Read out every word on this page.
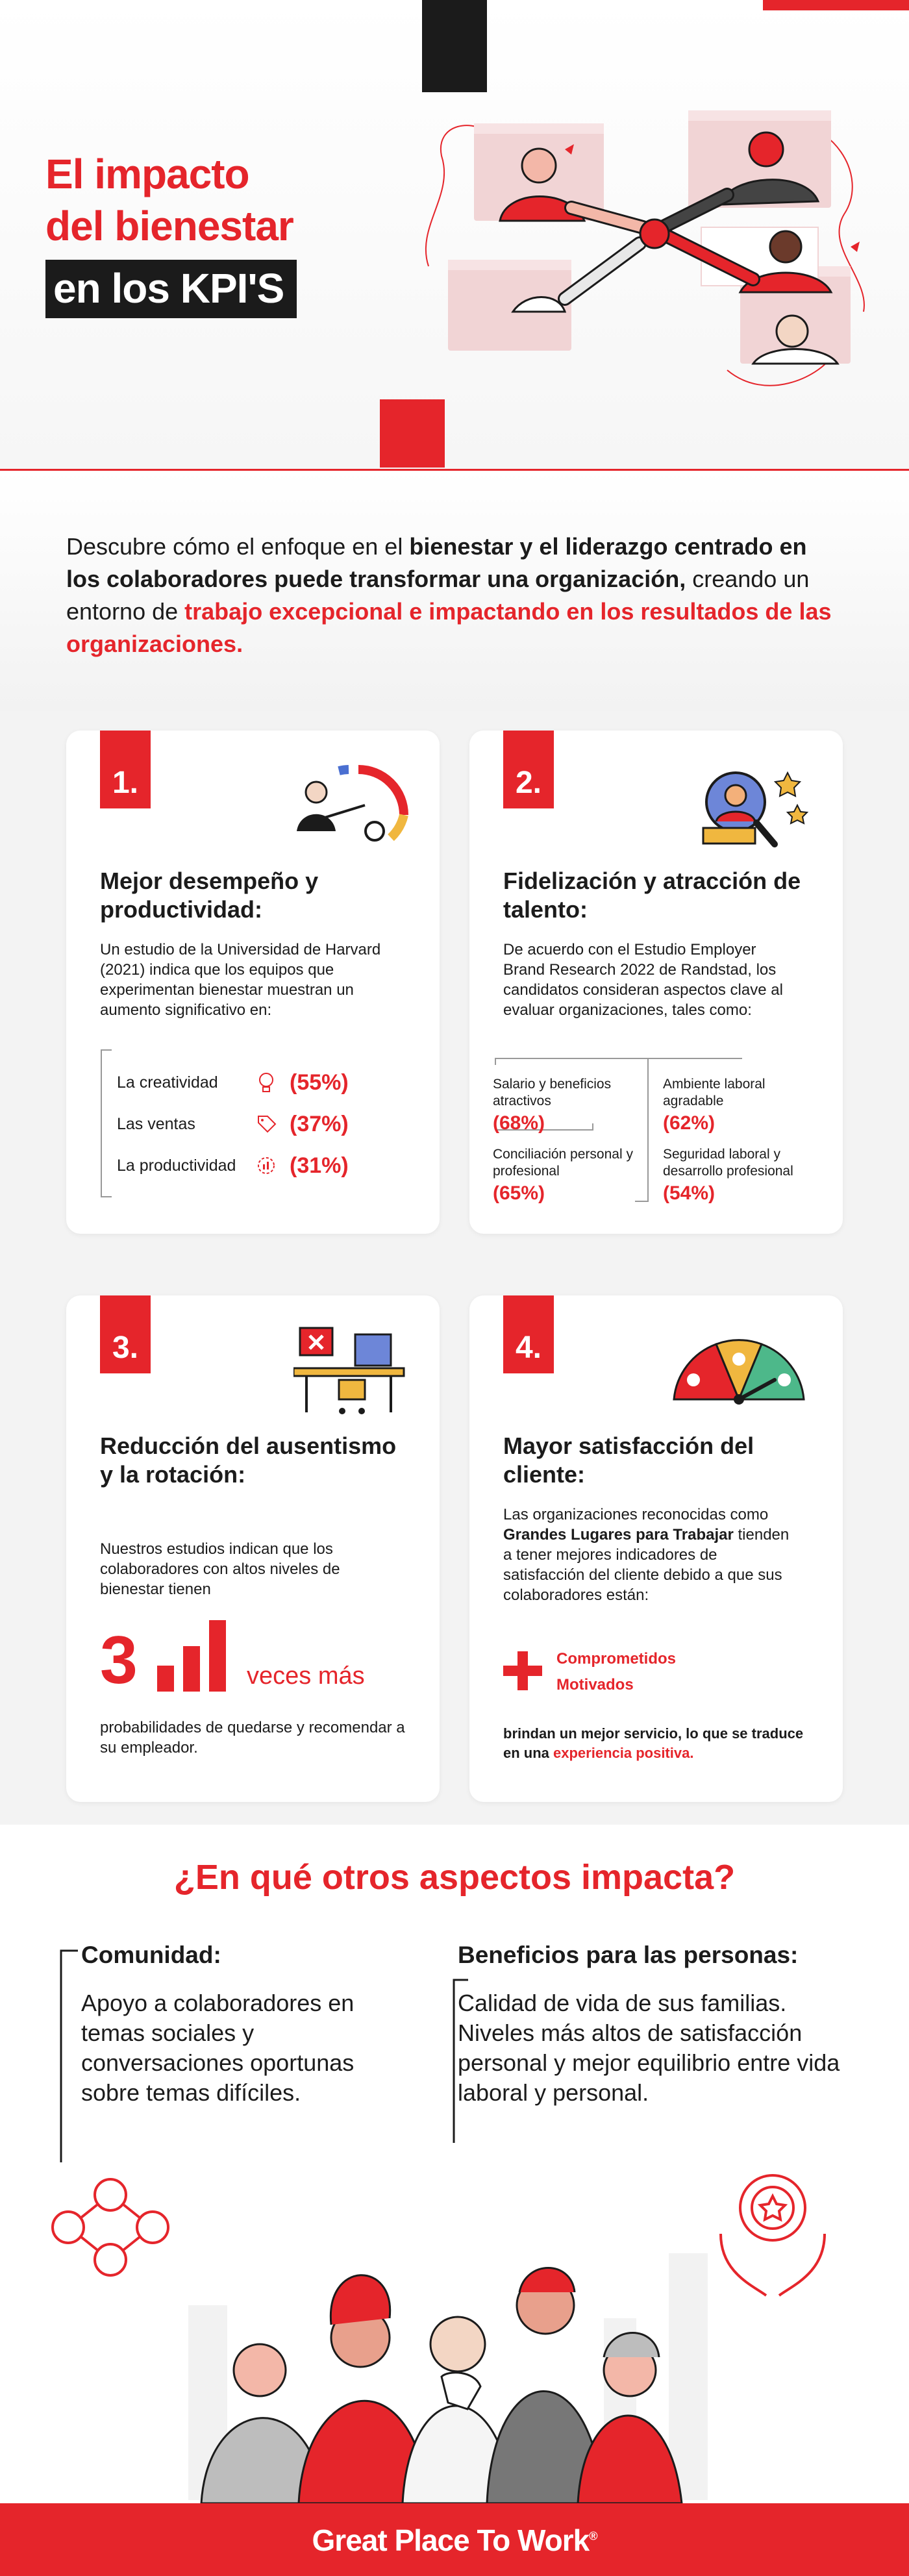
El impacto
del bienestar
en los KPI'S

Descubre cómo el enfoque en el bienestar y el liderazgo centrado en los colaboradores puede transformar una organización, creando un entorno de trabajo excepcional e impactando en los resultados de las organizaciones.

1.
Mejor desempeño y productividad:
Un estudio de la Universidad de Harvard (2021) indica que los equipos que experimentan bienestar muestran un aumento significativo en:
La creatividad	(55%)
Las ventas	(37%)
La productividad	(31%)
2.
Fidelización y atracción de talento:
De acuerdo con el Estudio Employer Brand Research 2022 de Randstad, los candidatos consideran aspectos clave al evaluar organizaciones, tales como:
Salario y beneficios atractivos
(68%)
Ambiente laboral agradable
(62%)
Conciliación personal y profesional
(65%)
Seguridad laboral y desarrollo profesional
(54%)
3.
Reducción del ausentismo y la rotación:
Nuestros estudios indican que los colaboradores con altos niveles de bienestar tienen
3	veces más
probabilidades de quedarse y recomendar a su empleador.
4.
Mayor satisfacción del cliente:
Las organizaciones reconocidas como Grandes Lugares para Trabajar tienden a tener mejores indicadores de satisfacción del cliente debido a que sus colaboradores están:
Comprometidos
Motivados
brindan un mejor servicio, lo que se traduce en una experiencia positiva.
¿En qué otros aspectos impacta?
Comunidad:

Apoyo a colaboradores en temas sociales y conversaciones oportunas sobre temas difíciles.

Beneficios para las personas:

Calidad de vida de sus familias. Niveles más altos de satisfacción personal y mejor equilibrio entre vida laboral y personal.

Great Place To Work®
